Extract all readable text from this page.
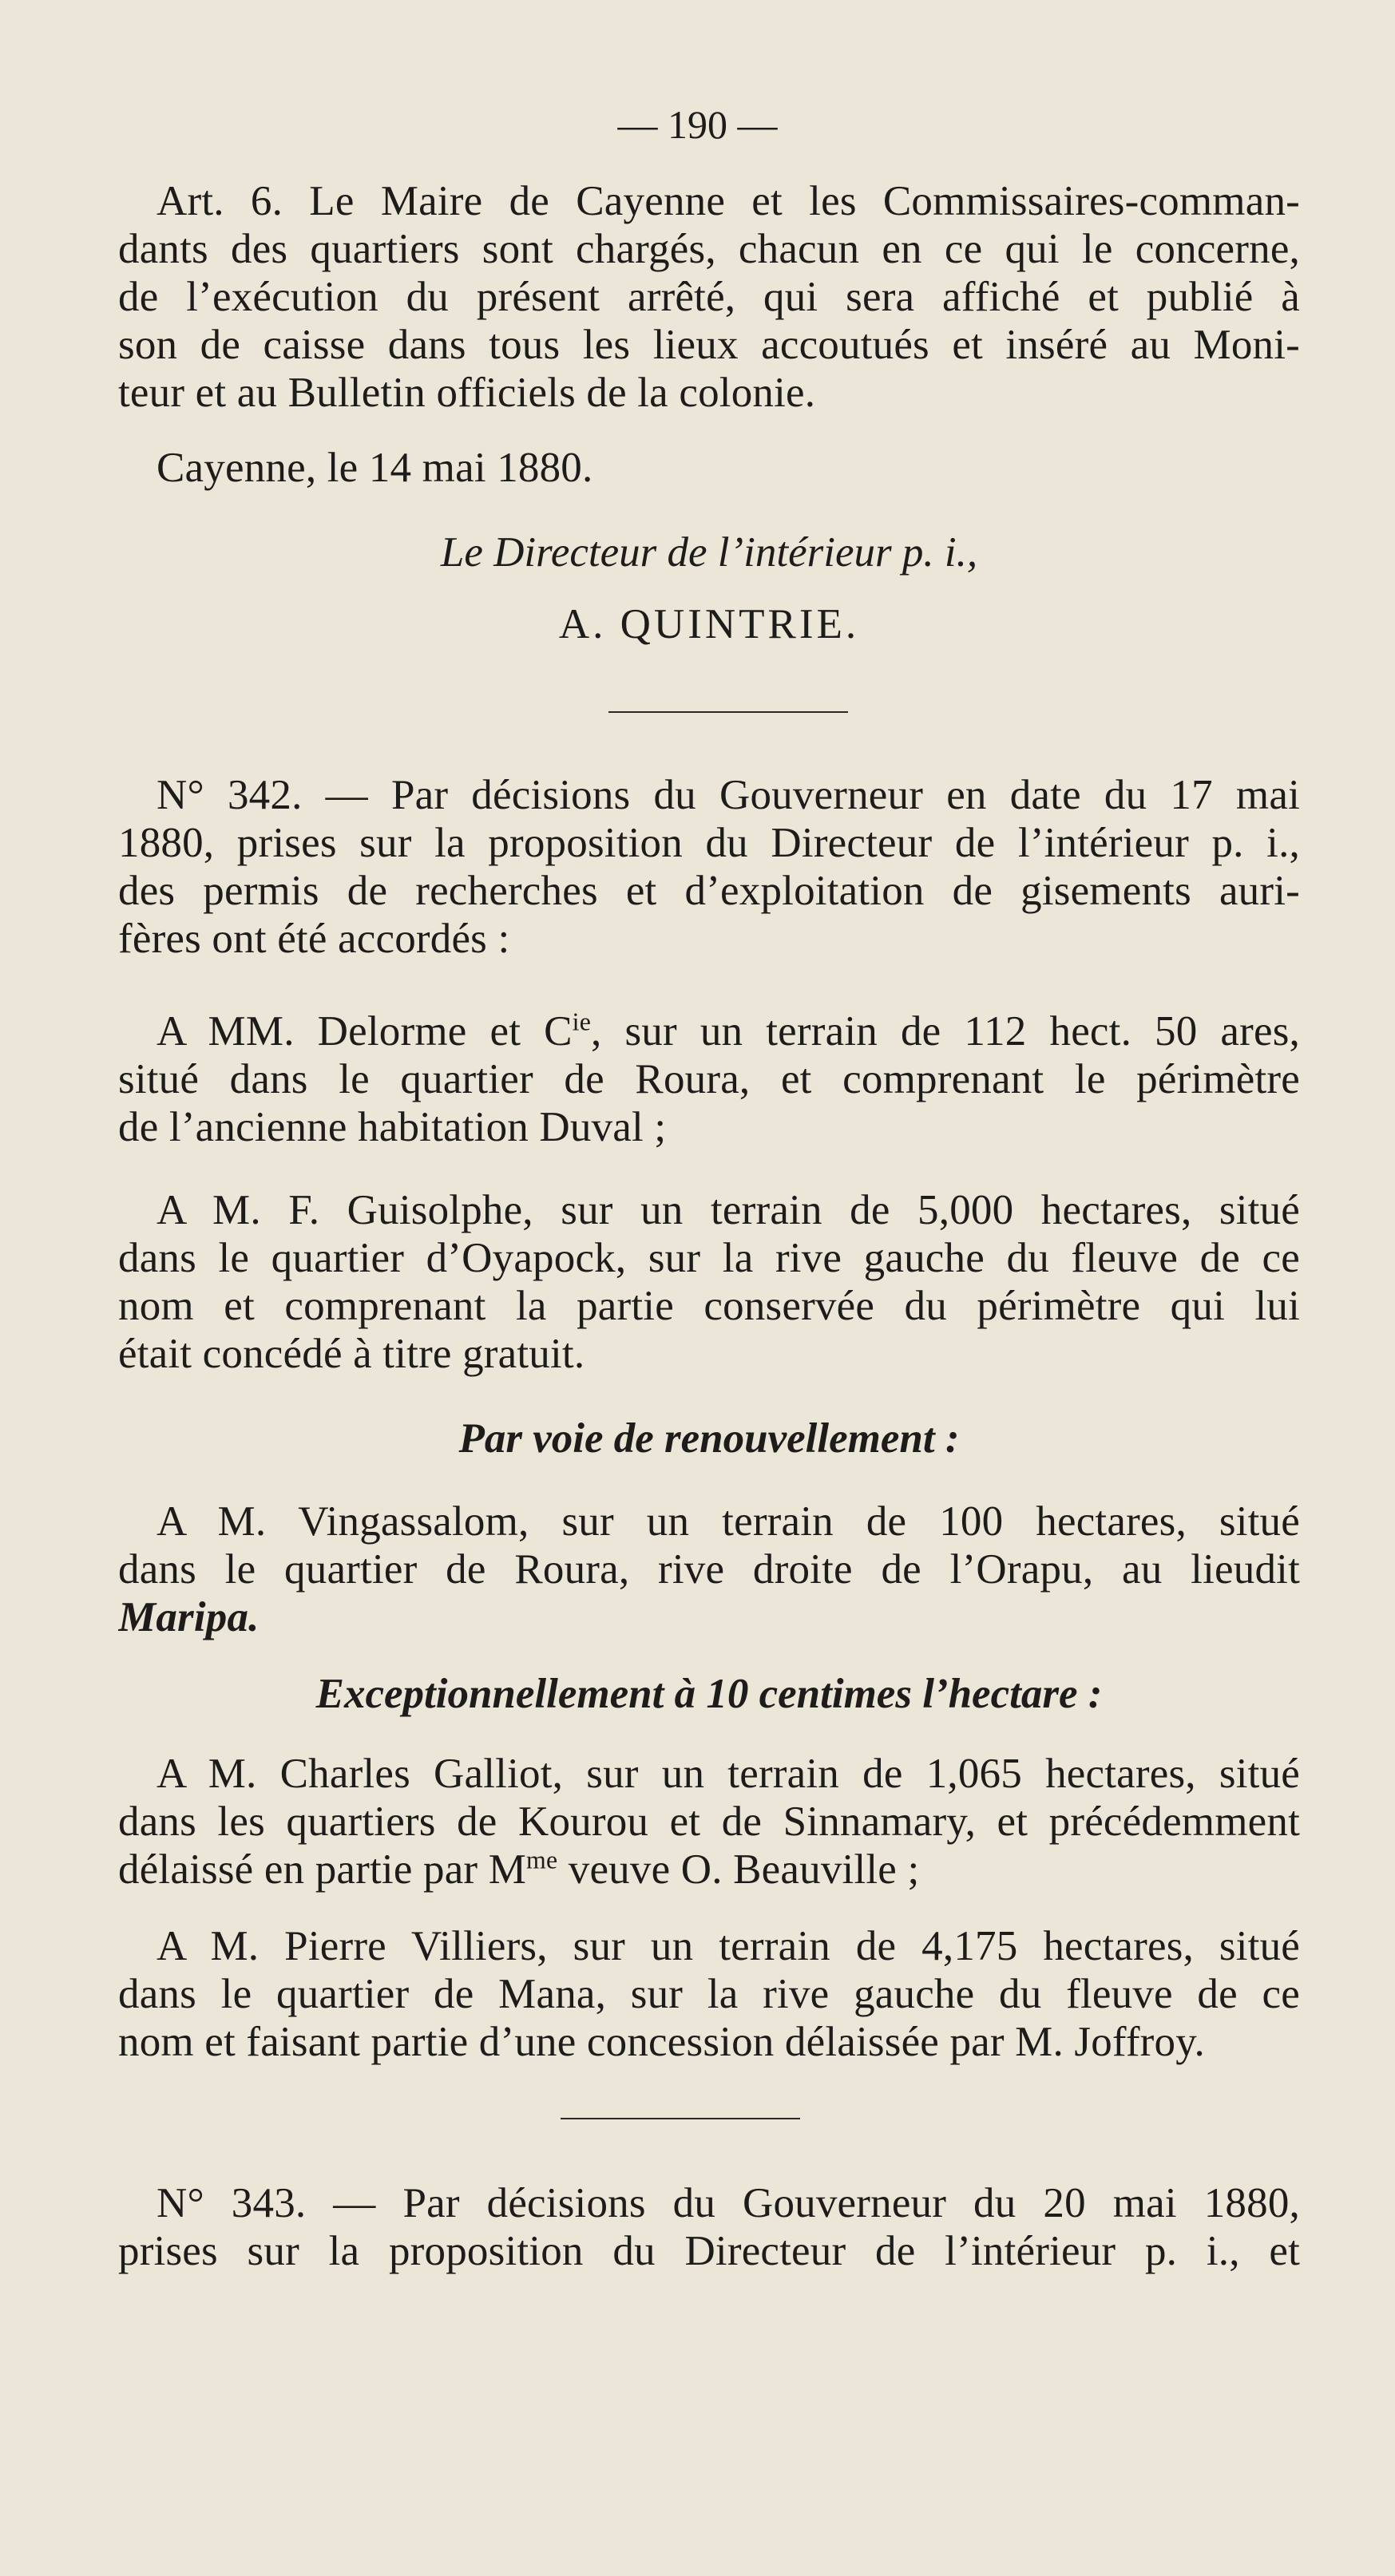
— 190 —
Art. 6. Le Maire de Cayenne et les Commissaires-comman-
dants des quartiers sont chargés, chacun en ce qui le concerne,
de l’exécution du présent arrêté, qui sera affiché et publié à
son de caisse dans tous les lieux accoutués et inséré au Moni-
teur et au Bulletin officiels de la colonie.
Cayenne, le 14 mai 1880.
Le Directeur de l’intérieur p. i.,
A. QUINTRIE.
N° 342. — Par décisions du Gouverneur en date du 17 mai
1880, prises sur la proposition du Directeur de l’intérieur p. i.,
des permis de recherches et d’exploitation de gisements auri-
fères ont été accordés :
A MM. Delorme et $C^{ie}$, sur un terrain de 112 hect. 50 ares,
situé dans le quartier de Roura, et comprenant le périmètre
de l’ancienne habitation Duval ;
A M. F. Guisolphe, sur un terrain de 5,000 hectares, situé
dans le quartier d’Oyapock, sur la rive gauche du fleuve de ce
nom et comprenant la partie conservée du périmètre qui lui
était concédé à titre gratuit.
Par voie de renouvellement :
A M. Vingassalom, sur un terrain de 100 hectares, situé
dans le quartier de Roura, rive droite de l’Orapu, au lieudit
Maripa.
Exceptionnellement à 10 centimes l’hectare :
A M. Charles Galliot, sur un terrain de 1,065 hectares, situé
dans les quartiers de Kourou et de Sinnamary, et précédemment
délaissé en partie par $M^{me}$ veuve O. Beauville ;
A M. Pierre Villiers, sur un terrain de 4,175 hectares, situé
dans le quartier de Mana, sur la rive gauche du fleuve de ce
nom et faisant partie d’une concession délaissée par M. Joffroy.
N° 343. — Par décisions du Gouverneur du 20 mai 1880,
prises sur la proposition du Directeur de l’intérieur p. i., et
